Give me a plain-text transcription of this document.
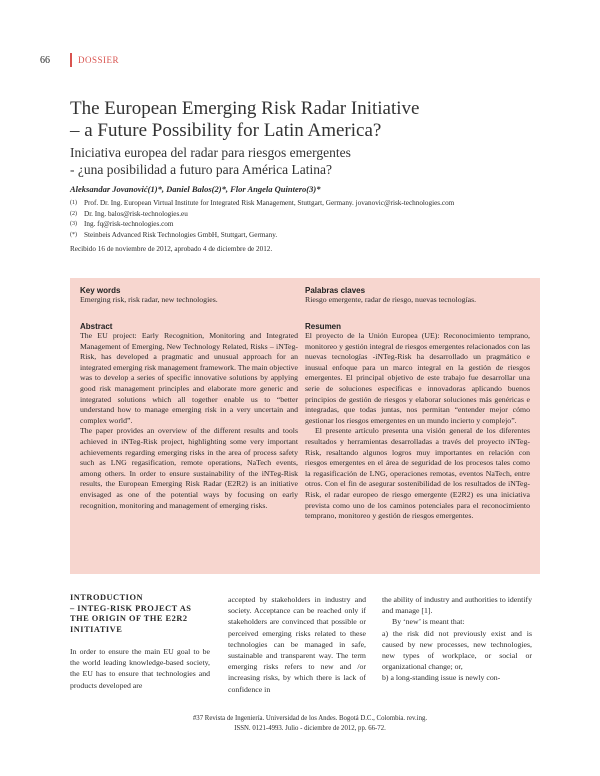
66	DOSSIER
The European Emerging Risk Radar Initiative
– a Future Possibility for Latin America?
Iniciativa europea del radar para riesgos emergentes
- ¿una posibilidad a futuro para América Latina?
Aleksandar Jovanović(1)*, Daniel Balos(2)*, Flor Angela Quintero(3)*
(1) Prof. Dr. Ing. European Virtual Institute for Integrated Risk Management, Stuttgart, Germany. jovanovic@risk-technologies.com
(2) Dr. Ing. balos@risk-technologies.eu
(3) Ing. fq@risk-technologies.com
(*) Steinbeis Advanced Risk Technologies GmbH, Stuttgart, Germany.
Recibido 16 de noviembre de 2012, aprobado 4 de diciembre de 2012.
Key words
Emerging risk, risk radar, new technologies.
Palabras claves
Riesgo emergente, radar de riesgo, nuevas tecnologías.
Abstract
The EU project: Early Recognition, Monitoring and Integrated Management of Emerging, New Technology Related, Risks – iNTeg-Risk, has developed a pragmatic and unusual approach for an integrated emerging risk management framework. The main objective was to develop a series of specific innovative solutions by applying good risk management principles and elaborate more generic and integrated solutions which all together enable us to “better understand how to manage emerging risk in a very uncertain and complex world”.
The paper provides an overview of the different results and tools achieved in iNTeg-Risk project, highlighting some very important achievements regarding emerging risks in the area of process safety such as LNG regasification, remote operations, NaTech events, among others. In order to ensure sustainability of the iNTeg-Risk results, the European Emerging Risk Radar (E2R2) is an initiative envisaged as one of the potential ways by focusing on early recognition, monitoring and management of emerging risks.
Resumen
El proyecto de la Unión Europea (UE): Reconocimiento temprano, monitoreo y gestión integral de riesgos emergentes relacionados con las nuevas tecnologías -iNTeg-Risk ha desarrollado un pragmático e inusual enfoque para un marco integral en la gestión de riesgos emergentes. El principal objetivo de este trabajo fue desarrollar una serie de soluciones específicas e innovadoras aplicando buenos principios de gestión de riesgos y elaborar soluciones más genéricas e integradas, que todas juntas, nos permitan “entender mejor cómo gestionar los riesgos emergentes en un mundo incierto y complejo”.
El presente artículo presenta una visión general de los diferentes resultados y herramientas desarrolladas a través del proyecto iNTeg-Risk, resaltando algunos logros muy importantes en relación con riesgos emergentes en el área de seguridad de los procesos tales como la regasificación de LNG, operaciones remotas, eventos NaTech, entre otros. Con el fin de asegurar sostenibilidad de los resultados de iNTeg-Risk, el radar europeo de riesgo emergente (E2R2) es una iniciativa prevista como uno de los caminos potenciales para el reconocimiento temprano, monitoreo y gestión de riesgos emergentes.
INTRODUCTION
– INTEG-RISK PROJECT AS
THE ORIGIN OF THE E2R2
INITIATIVE
In order to ensure the main EU goal to be the world leading knowledge-based society, the EU has to ensure that technologies and products developed are
accepted by stakeholders in industry and society. Acceptance can be reached only if stakeholders are convinced that possible or perceived emerging risks related to these technologies can be managed in safe, sustainable and transparent way. The term emerging risks refers to new and /or increasing risks, by which there is lack of confidence in
the ability of industry and authorities to identify and manage [1].
By ‘new’ is meant that:
a) the risk did not previously exist and is caused by new processes, new technologies, new types of workplace, or social or organizational change; or,
b) a long-standing issue is newly con-
#37 Revista de Ingeniería. Universidad de los Andes. Bogotá D.C., Colombia. rev.ing.
ISSN. 0121-4993. Julio - diciembre de 2012, pp. 66-72.
